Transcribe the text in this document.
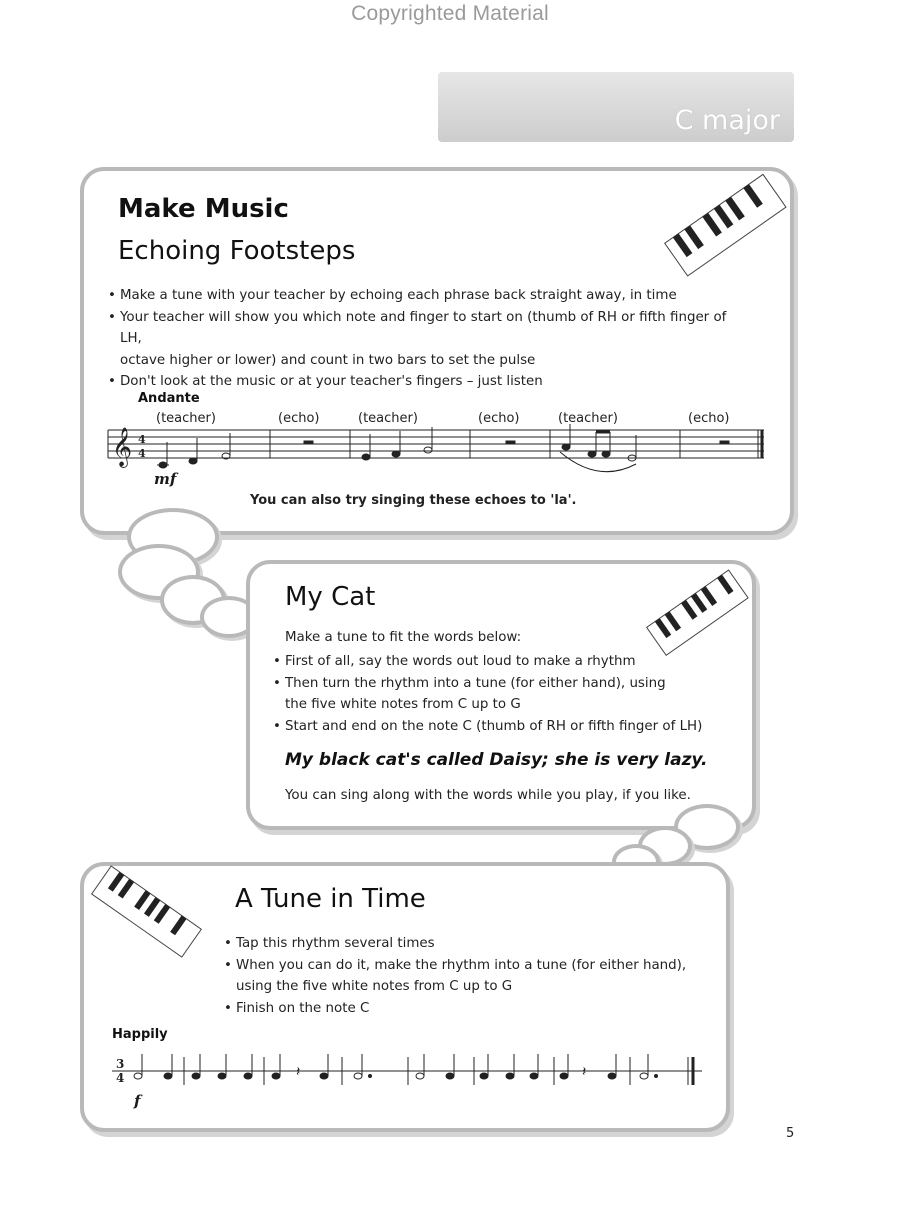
Copyrighted Material
C major
Make Music
Echoing Footsteps
• Make a tune with your teacher by echoing each phrase back straight away, in time
• Your teacher will show you which note and finger to start on (thumb of RH or fifth finger of LH,
octave higher or lower) and count in two bars to set the pulse
• Don't look at the music or at your teacher's fingers – just listen
Andante
(teacher)	(echo)	(teacher)	(echo)	(teacher)	(echo)
𝄞 4
4
mf
You can also try singing these echoes to 'la'.
My Cat
Make a tune to fit the words below:
• First of all, say the words out loud to make a rhythm
• Then turn the rhythm into a tune (for either hand), using
the five white notes from C up to G
• Start and end on the note C (thumb of RH or fifth finger of LH)
My black cat's called Daisy; she is very lazy.
You can sing along with the words while you play, if you like.
A Tune in Time
• Tap this rhythm several times
• When you can do it, make the rhythm into a tune (for either hand),
using the five white notes from C up to G
• Finish on the note C
Happily
3
4	𝄽	𝄽
f
5
